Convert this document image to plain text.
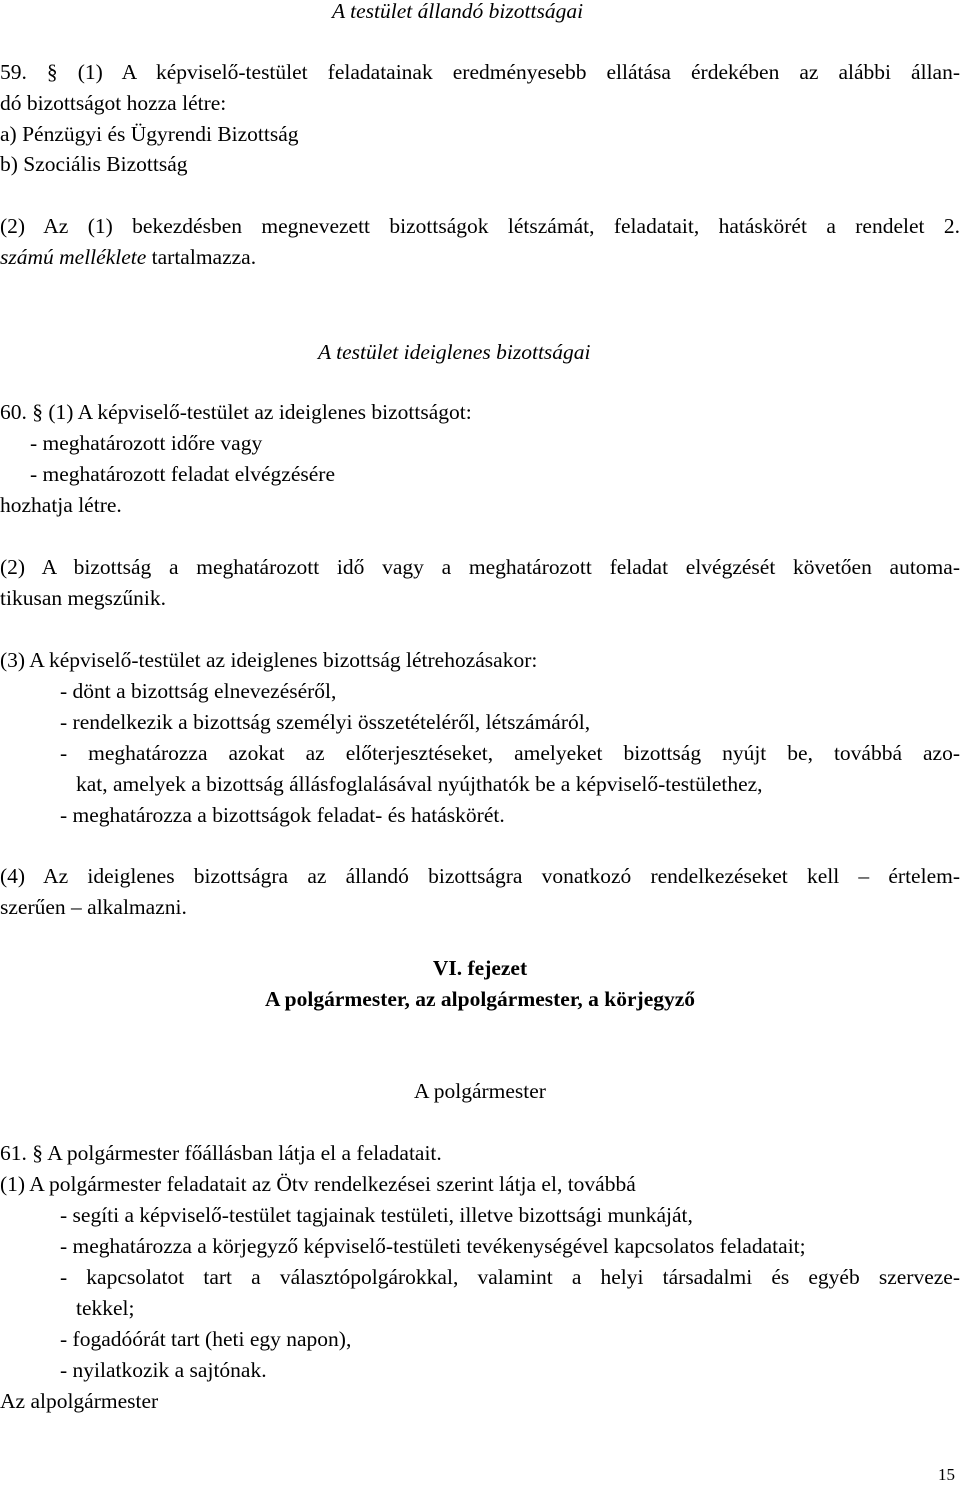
A testület állandó bizottságai
59. § (1) A képviselő-testület feladatainak eredményesebb ellátása érdekében az alábbi állan-
dó bizottságot hozza létre:
a) Pénzügyi és Ügyrendi Bizottság
b) Szociális Bizottság
(2) Az (1) bekezdésben megnevezett bizottságok létszámát, feladatait, hatáskörét a rendelet 2.
számú melléklete tartalmazza.
A testület ideiglenes bizottságai
60. § (1) A képviselő-testület az ideiglenes bizottságot:
- meghatározott időre vagy
- meghatározott feladat elvégzésére
hozhatja létre.
(2) A bizottság a meghatározott idő vagy a meghatározott feladat elvégzését követően automa-
tikusan megszűnik.
(3) A képviselő-testület az ideiglenes bizottság létrehozásakor:
- dönt a bizottság elnevezéséről,
- rendelkezik a bizottság személyi összetételéről, létszámáról,
- meghatározza azokat az előterjesztéseket, amelyeket bizottság nyújt be, továbbá azo-
kat, amelyek a bizottság állásfoglalásával nyújthatók be a képviselő-testülethez,
- meghatározza a bizottságok feladat- és hatáskörét.
(4) Az ideiglenes bizottságra az állandó bizottságra vonatkozó rendelkezéseket kell – értelem-
szerűen – alkalmazni.
VI. fejezet
A polgármester, az alpolgármester, a körjegyző
A polgármester
61. § A polgármester főállásban látja el a feladatait.
(1) A polgármester feladatait az Ötv rendelkezései szerint látja el, továbbá
- segíti a képviselő-testület tagjainak testületi, illetve bizottsági munkáját,
- meghatározza a körjegyző képviselő-testületi tevékenységével kapcsolatos feladatait;
- kapcsolatot tart a választópolgárokkal, valamint a helyi társadalmi és egyéb szerveze-
tekkel;
- fogadóórát tart (heti egy napon),
- nyilatkozik a sajtónak.
Az alpolgármester
15
